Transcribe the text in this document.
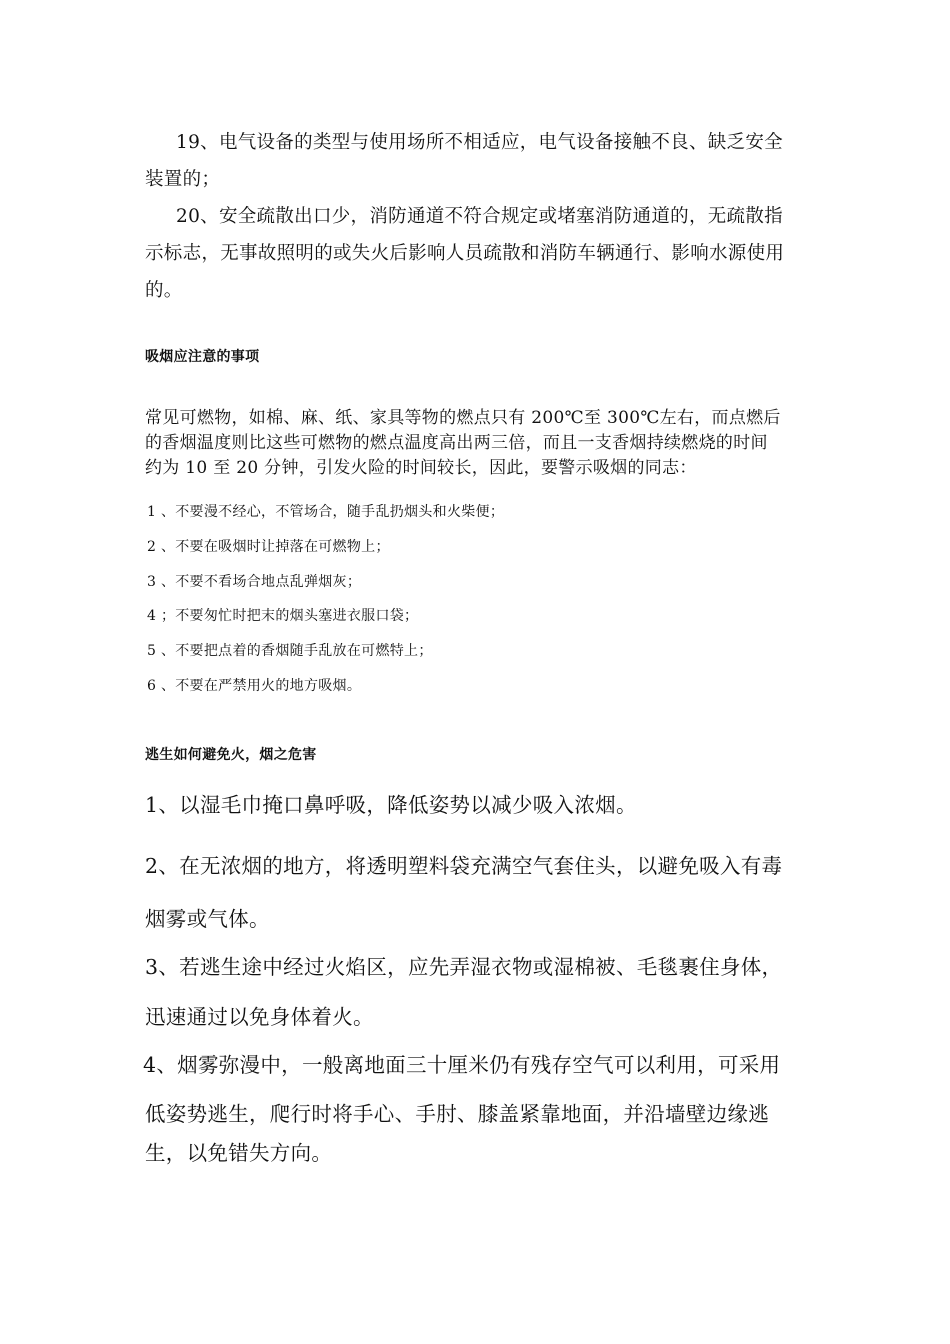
19、电气设备的类型与使用场所不相适应，电气设备接触不良、缺乏安全
装置的；
20、安全疏散出口少，消防通道不符合规定或堵塞消防通道的，无疏散指
示标志，无事故照明的或失火后影响人员疏散和消防车辆通行、影响水源使用
的。
吸烟应注意的事项
常见可燃物，如棉、麻、纸、家具等物的燃点只有 200℃至 300℃左右，而点燃后
的香烟温度则比这些可燃物的燃点温度高出两三倍，而且一支香烟持续燃烧的时间
约为 10 至 20 分钟，引发火险的时间较长，因此，要警示吸烟的同志：
1 、不要漫不经心，不管场合，随手乱扔烟头和火柴便；
2 、不要在吸烟时让掉落在可燃物上；
3 、不要不看场合地点乱弹烟灰；
4 ；不要匆忙时把末的烟头塞进衣服口袋；
5 、不要把点着的香烟随手乱放在可燃特上；
6 、不要在严禁用火的地方吸烟。
逃生如何避免火，烟之危害
1、以湿毛巾掩口鼻呼吸，降低姿势以减少吸入浓烟。
2、在无浓烟的地方，将透明塑料袋充满空气套住头，以避免吸入有毒
烟雾或气体。
3、若逃生途中经过火焰区，应先弄湿衣物或湿棉被、毛毯裹住身体，
迅速通过以免身体着火。
4、烟雾弥漫中，一般离地面三十厘米仍有残存空气可以利用，可采用
低姿势逃生，爬行时将手心、手肘、膝盖紧靠地面，并沿墙壁边缘逃
生，以免错失方向。
